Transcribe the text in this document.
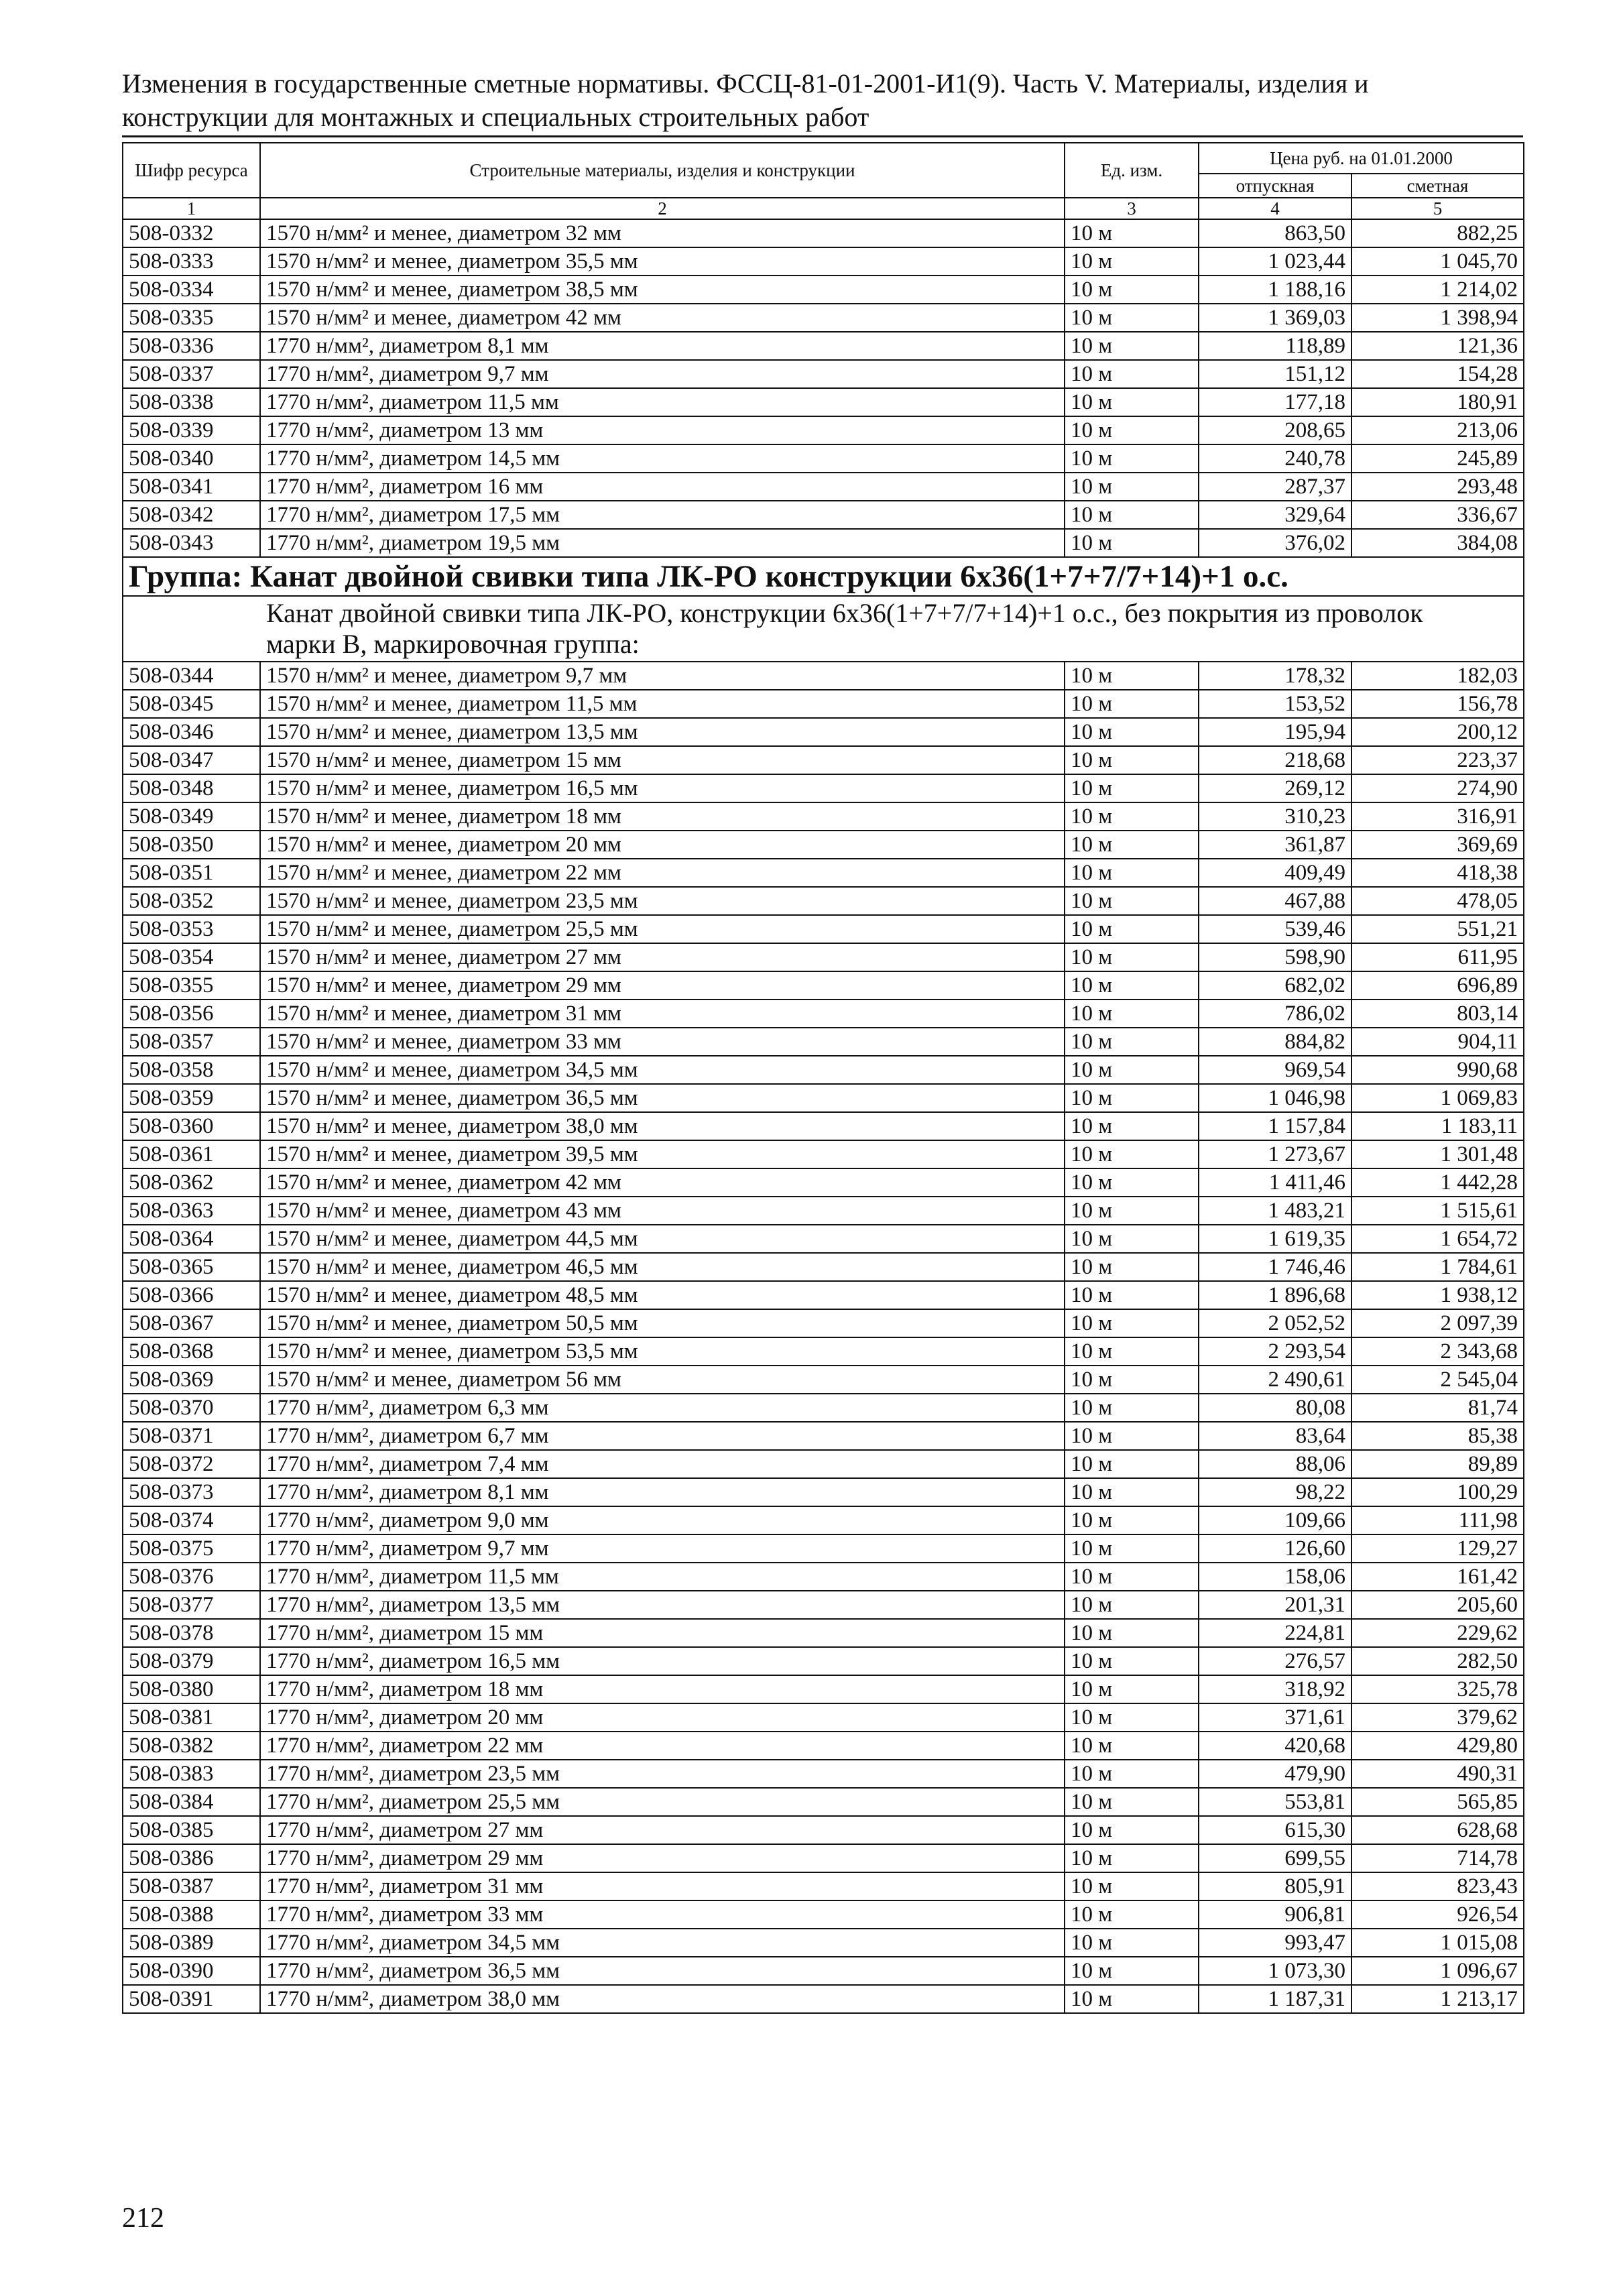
Изменения в государственные сметные нормативы. ФССЦ-81-01-2001-И1(9). Часть V. Материалы, изделия и
конструкции для монтажных и специальных строительных работ
Шифр ресурса	Строительные материалы, изделия и конструкции	Ед. изм.	Цена руб. на 01.01.2000	
			отпускная	сметная
1	2	3	4	5
508-0332	1570 н/мм² и менее, диаметром 32 мм	10 м	863,50	882,25
508-0333	1570 н/мм² и менее, диаметром 35,5 мм	10 м	1 023,44	1 045,70
508-0334	1570 н/мм² и менее, диаметром 38,5 мм	10 м	1 188,16	1 214,02
508-0335	1570 н/мм² и менее, диаметром 42 мм	10 м	1 369,03	1 398,94
508-0336	1770 н/мм², диаметром 8,1 мм	10 м	118,89	121,36
508-0337	1770 н/мм², диаметром 9,7 мм	10 м	151,12	154,28
508-0338	1770 н/мм², диаметром 11,5 мм	10 м	177,18	180,91
508-0339	1770 н/мм², диаметром 13 мм	10 м	208,65	213,06
508-0340	1770 н/мм², диаметром 14,5 мм	10 м	240,78	245,89
508-0341	1770 н/мм², диаметром 16 мм	10 м	287,37	293,48
508-0342	1770 н/мм², диаметром 17,5 мм	10 м	329,64	336,67
508-0343	1770 н/мм², диаметром 19,5 мм	10 м	376,02	384,08
Группа: Канат двойной свивки типа ЛК-РО конструкции 6х36(1+7+7/7+14)+1 о.с.				

Канат двойной свивки типа ЛК-РО, конструкции 6х36(1+7+7/7+14)+1 о.с., без покрытия из проволок
марки В, маркировочная группа:				

508-0344	1570 н/мм² и менее, диаметром 9,7 мм	10 м	178,32	182,03
508-0345	1570 н/мм² и менее, диаметром 11,5 мм	10 м	153,52	156,78
508-0346	1570 н/мм² и менее, диаметром 13,5 мм	10 м	195,94	200,12
508-0347	1570 н/мм² и менее, диаметром 15 мм	10 м	218,68	223,37
508-0348	1570 н/мм² и менее, диаметром 16,5 мм	10 м	269,12	274,90
508-0349	1570 н/мм² и менее, диаметром 18 мм	10 м	310,23	316,91
508-0350	1570 н/мм² и менее, диаметром 20 мм	10 м	361,87	369,69
508-0351	1570 н/мм² и менее, диаметром 22 мм	10 м	409,49	418,38
508-0352	1570 н/мм² и менее, диаметром 23,5 мм	10 м	467,88	478,05
508-0353	1570 н/мм² и менее, диаметром 25,5 мм	10 м	539,46	551,21
508-0354	1570 н/мм² и менее, диаметром 27 мм	10 м	598,90	611,95
508-0355	1570 н/мм² и менее, диаметром 29 мм	10 м	682,02	696,89
508-0356	1570 н/мм² и менее, диаметром 31 мм	10 м	786,02	803,14
508-0357	1570 н/мм² и менее, диаметром 33 мм	10 м	884,82	904,11
508-0358	1570 н/мм² и менее, диаметром 34,5 мм	10 м	969,54	990,68
508-0359	1570 н/мм² и менее, диаметром 36,5 мм	10 м	1 046,98	1 069,83
508-0360	1570 н/мм² и менее, диаметром 38,0 мм	10 м	1 157,84	1 183,11
508-0361	1570 н/мм² и менее, диаметром 39,5 мм	10 м	1 273,67	1 301,48
508-0362	1570 н/мм² и менее, диаметром 42 мм	10 м	1 411,46	1 442,28
508-0363	1570 н/мм² и менее, диаметром 43 мм	10 м	1 483,21	1 515,61
508-0364	1570 н/мм² и менее, диаметром 44,5 мм	10 м	1 619,35	1 654,72
508-0365	1570 н/мм² и менее, диаметром 46,5 мм	10 м	1 746,46	1 784,61
508-0366	1570 н/мм² и менее, диаметром 48,5 мм	10 м	1 896,68	1 938,12
508-0367	1570 н/мм² и менее, диаметром 50,5 мм	10 м	2 052,52	2 097,39
508-0368	1570 н/мм² и менее, диаметром 53,5 мм	10 м	2 293,54	2 343,68
508-0369	1570 н/мм² и менее, диаметром 56 мм	10 м	2 490,61	2 545,04
508-0370	1770 н/мм², диаметром 6,3 мм	10 м	80,08	81,74
508-0371	1770 н/мм², диаметром 6,7 мм	10 м	83,64	85,38
508-0372	1770 н/мм², диаметром 7,4 мм	10 м	88,06	89,89
508-0373	1770 н/мм², диаметром 8,1 мм	10 м	98,22	100,29
508-0374	1770 н/мм², диаметром 9,0 мм	10 м	109,66	111,98
508-0375	1770 н/мм², диаметром 9,7 мм	10 м	126,60	129,27
508-0376	1770 н/мм², диаметром 11,5 мм	10 м	158,06	161,42
508-0377	1770 н/мм², диаметром 13,5 мм	10 м	201,31	205,60
508-0378	1770 н/мм², диаметром 15 мм	10 м	224,81	229,62
508-0379	1770 н/мм², диаметром 16,5 мм	10 м	276,57	282,50
508-0380	1770 н/мм², диаметром 18 мм	10 м	318,92	325,78
508-0381	1770 н/мм², диаметром 20 мм	10 м	371,61	379,62
508-0382	1770 н/мм², диаметром 22 мм	10 м	420,68	429,80
508-0383	1770 н/мм², диаметром 23,5 мм	10 м	479,90	490,31
508-0384	1770 н/мм², диаметром 25,5 мм	10 м	553,81	565,85
508-0385	1770 н/мм², диаметром 27 мм	10 м	615,30	628,68
508-0386	1770 н/мм², диаметром 29 мм	10 м	699,55	714,78
508-0387	1770 н/мм², диаметром 31 мм	10 м	805,91	823,43
508-0388	1770 н/мм², диаметром 33 мм	10 м	906,81	926,54
508-0389	1770 н/мм², диаметром 34,5 мм	10 м	993,47	1 015,08
508-0390	1770 н/мм², диаметром 36,5 мм	10 м	1 073,30	1 096,67
508-0391	1770 н/мм², диаметром 38,0 мм	10 м	1 187,31	1 213,17
212
